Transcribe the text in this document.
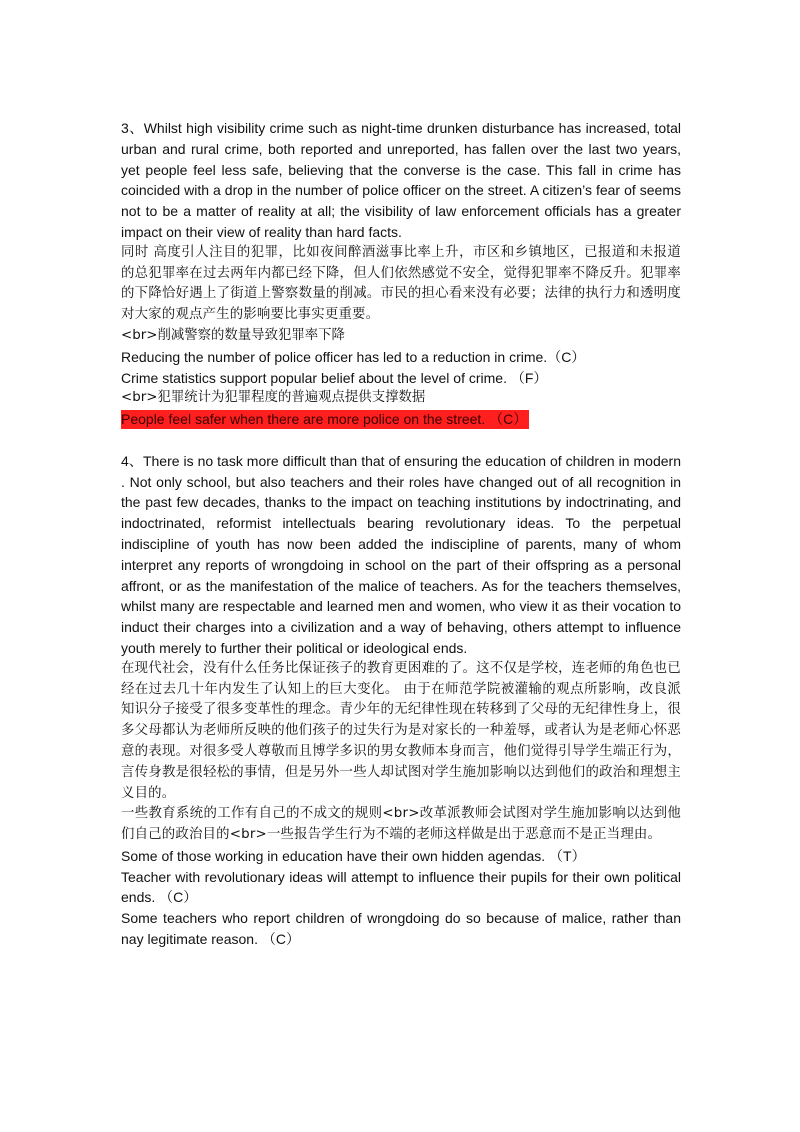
3、Whilst high visibility crime such as night-time drunken disturbance has increased, total urban and rural crime, both reported and unreported, has fallen over the last two years, yet people feel less safe, believing that the converse is the case. This fall in crime has coincided with a drop in the number of police officer on the street. A citizen’s fear of seems not to be a matter of reality at all; the visibility of law enforcement officials has a greater impact on their view of reality than hard facts.

同时 高度引人注目的犯罪，比如夜间醉酒滋事比率上升，市区和乡镇地区，已报道和未报道的总犯罪率在过去两年内都已经下降，但人们依然感觉不安全，觉得犯罪率不降反升。犯罪率的下降恰好遇上了街道上警察数量的削减。市民的担心看来没有必要；法律的执行力和透明度对大家的观点产生的影响要比事实更重要。

<br>削减警察的数量导致犯罪率下降

Reducing the number of police officer has led to a reduction in crime.（C）

Crime statistics support popular belief about the level of crime. （F）

<br>犯罪统计为犯罪程度的普遍观点提供支撑数据

People feel safer when there are more police on the street. （C）

4、There is no task more difficult than that of ensuring the education of children in modern . Not only school, but also teachers and their roles have changed out of all recognition in the past few decades, thanks to the impact on teaching institutions by indoctrinating, and indoctrinated, reformist intellectuals bearing revolutionary ideas. To the perpetual indiscipline of youth has now been added the indiscipline of parents, many of whom interpret any reports of wrongdoing in school on the part of their offspring as a personal affront, or as the manifestation of the malice of teachers. As for the teachers themselves, whilst many are respectable and learned men and women, who view it as their vocation to induct their charges into a civilization and a way of behaving, others attempt to influence youth merely to further their political or ideological ends.

在现代社会，没有什么任务比保证孩子的教育更困难的了。这不仅是学校，连老师的角色也已经在过去几十年内发生了认知上的巨大变化。 由于在师范学院被灌输的观点所影响，改良派知识分子接受了很多变革性的理念。青少年的无纪律性现在转移到了父母的无纪律性身上，很多父母都认为老师所反映的他们孩子的过失行为是对家长的一种羞辱，或者认为是老师心怀恶意的表现。对很多受人尊敬而且博学多识的男女教师本身而言，他们觉得引导学生端正行为，言传身教是很轻松的事情，但是另外一些人却试图对学生施加影响以达到他们的政治和理想主义目的。

一些教育系统的工作有自己的不成文的规则<br>改革派教师会试图对学生施加影响以达到他们自己的政治目的<br>一些报告学生行为不端的老师这样做是出于恶意而不是正当理由。

Some of those working in education have their own hidden agendas. （T）

Teacher with revolutionary ideas will attempt to influence their pupils for their own political ends. （C）

Some teachers who report children of wrongdoing do so because of malice, rather than nay legitimate reason. （C）
